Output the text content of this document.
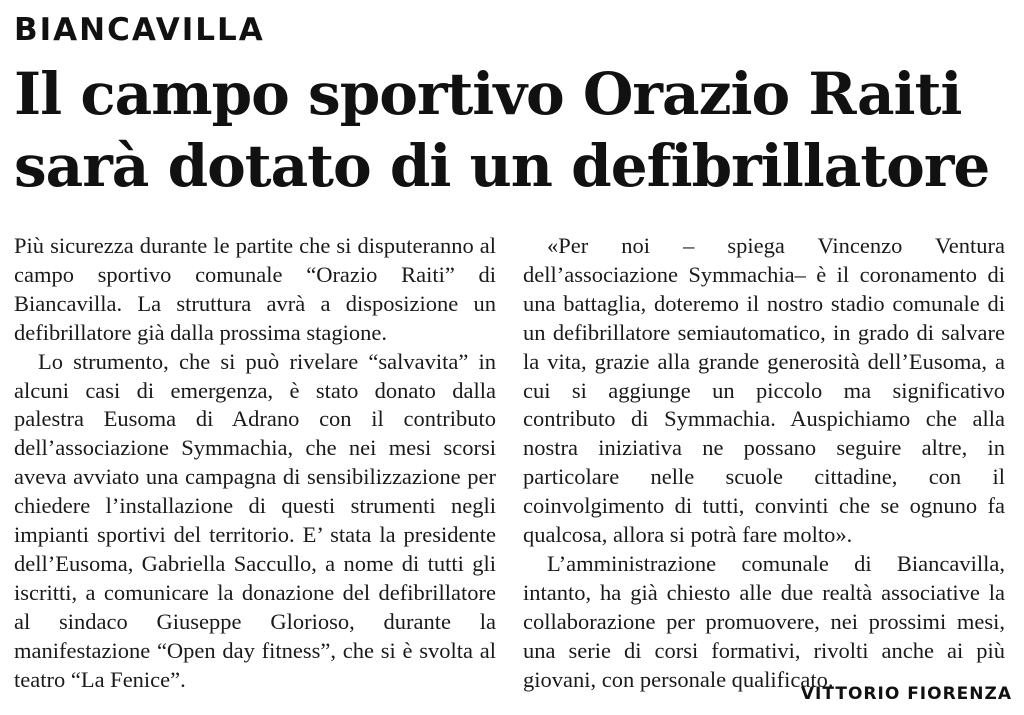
BIANCAVILLA
Il campo sportivo Orazio Raiti
sarà dotato di un defibrillatore

Più sicurezza durante le partite che si disputeranno al campo sportivo comunale “Orazio Raiti” di Biancavilla. La struttura avrà a disposizione un defibrillatore già dalla prossima stagione.

Lo strumento, che si può rivelare “salvavita” in alcuni casi di emergenza, è stato donato dalla palestra Eusoma di Adrano con il contributo dell’associazione Symmachia, che nei mesi scorsi aveva avviato una campagna di sensibilizzazione per chiedere l’installazione di questi strumenti negli impianti sportivi del territorio. E’ stata la presidente dell’Eusoma, Gabriella Saccullo, a nome di tutti gli iscritti, a comunicare la donazione del defibrillatore al sindaco Giuseppe Glorioso, durante la manifestazione “Open day fitness”, che si è svolta al teatro “La Fenice”.

«Per noi – spiega Vincenzo Ventura dell’associazione Symmachia– è il coronamento di una battaglia, doteremo il nostro stadio comunale di un defibrillatore semiautomatico, in grado di salvare la vita, grazie alla grande generosità dell’Eusoma, a cui si aggiunge un piccolo ma significativo contributo di Symmachia. Auspichiamo che alla nostra iniziativa ne possano seguire altre, in particolare nelle scuole cittadine, con il coinvolgimento di tutti, convinti che se ognuno fa qualcosa, allora si potrà fare molto».

L’amministrazione comunale di Biancavilla, intanto, ha già chiesto alle due realtà associative la collaborazione per promuovere, nei prossimi mesi, una serie di corsi formativi, rivolti anche ai più giovani, con personale qualificato.

VITTORIO FIORENZA
